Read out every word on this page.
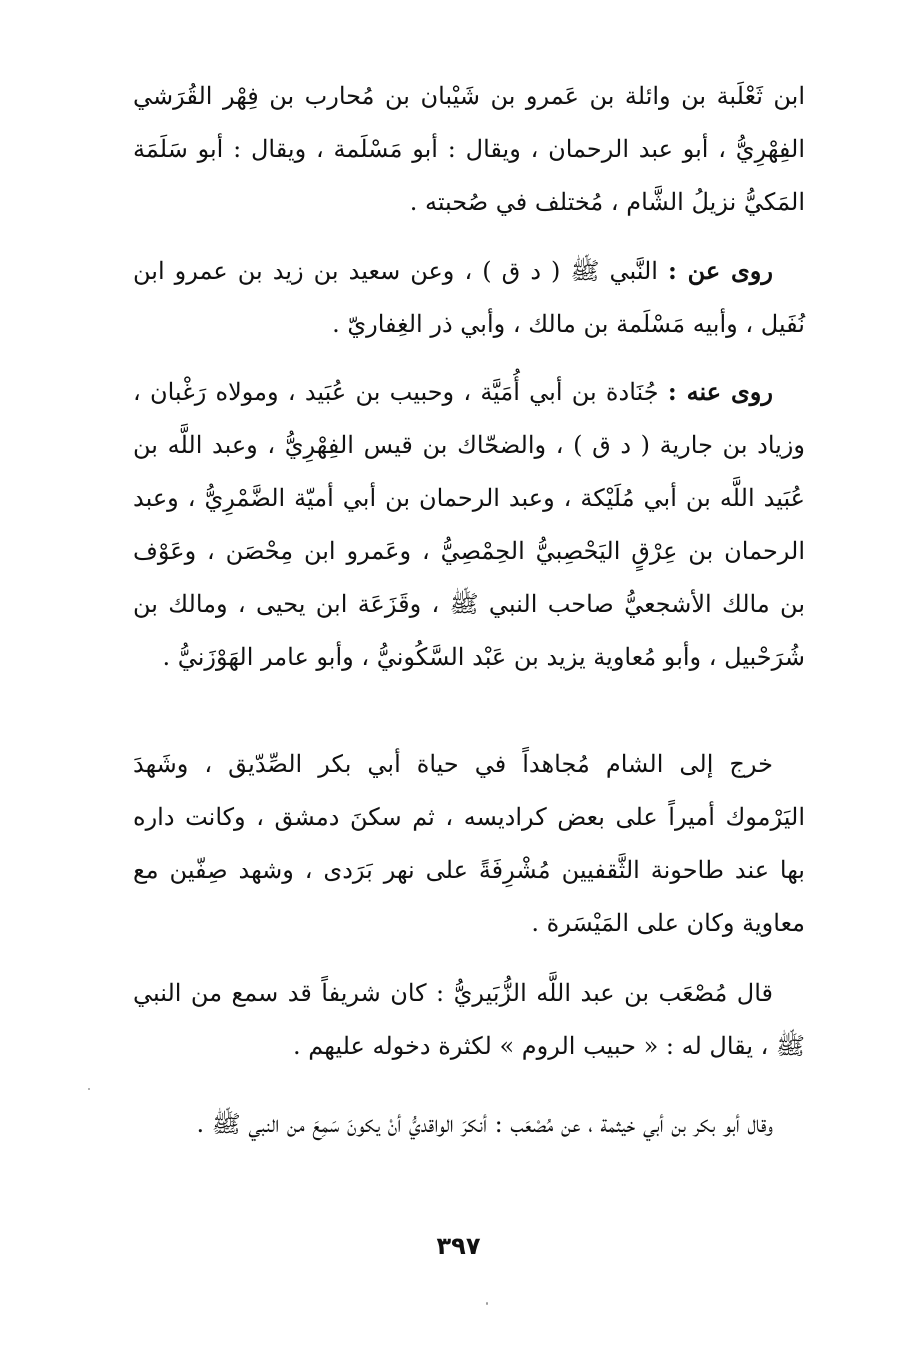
ابن ثَعْلَبة بن وائلة بن عَمرو بن شَيْبان بن مُحارب بن فِهْر القُرَشي الفِهْرِيُّ ، أبو عبد الرحمان ، ويقال : أبو مَسْلَمة ، ويقال : أبو سَلَمَة المَكيُّ نزيلُ الشَّام ، مُختلف في صُحبته .

روى عن : النَّبي ﷺ ( د ق ) ، وعن سعيد بن زيد بن عمرو ابن نُفَيل ، وأبيه مَسْلَمة بن مالك ، وأبي ذر الغِفاريّ .

روى عنه : جُنَادة بن أبي أُمَيَّة ، وحبيب بن عُبَيد ، ومولاه رَغْبان ، وزياد بن جارية ( د ق ) ، والضحّاك بن قيس الفِهْرِيُّ ، وعبد اللَّه بن عُبَيد اللَّه بن أبي مُلَيْكة ، وعبد الرحمان بن أبي أميّة الضَّمْرِيُّ ، وعبد الرحمان بن عِرْقٍ اليَحْصِبيُّ الحِمْصِيُّ ، وعَمرو ابن مِحْصَن ، وعَوْف بن مالك الأشجعيُّ صاحب النبي ﷺ ، وقَزَعَة ابن يحيى ، ومالك بن شُرَحْبيل ، وأبو مُعاوية يزيد بن عَبْد السَّكُونيُّ ، وأبو عامر الهَوْزَنيُّ .

خرج إلى الشام مُجاهداً في حياة أبي بكر الصِّدّيق ، وشَهدَ اليَرْموك أميراً على بعض كراديسه ، ثم سكنَ دمشق ، وكانت داره بها عند طاحونة الثَّقفيين مُشْرِفَةً على نهر بَرَدى ، وشهد صِفّين مع معاوية وكان على المَيْسَرة .

قال مُصْعَب بن عبد اللَّه الزُّبَيريُّ : كان شريفاً قد سمع من النبي ﷺ ، يقال له : « حبيب الروم » لكثرة دخوله عليهم .

وقال أبو بكر بن أبي خيثمة ، عن مُصْعَب : أنكرَ الواقديُّ أنْ يكونَ سَمِعَ من النبي ﷺ .

٣٩٧
